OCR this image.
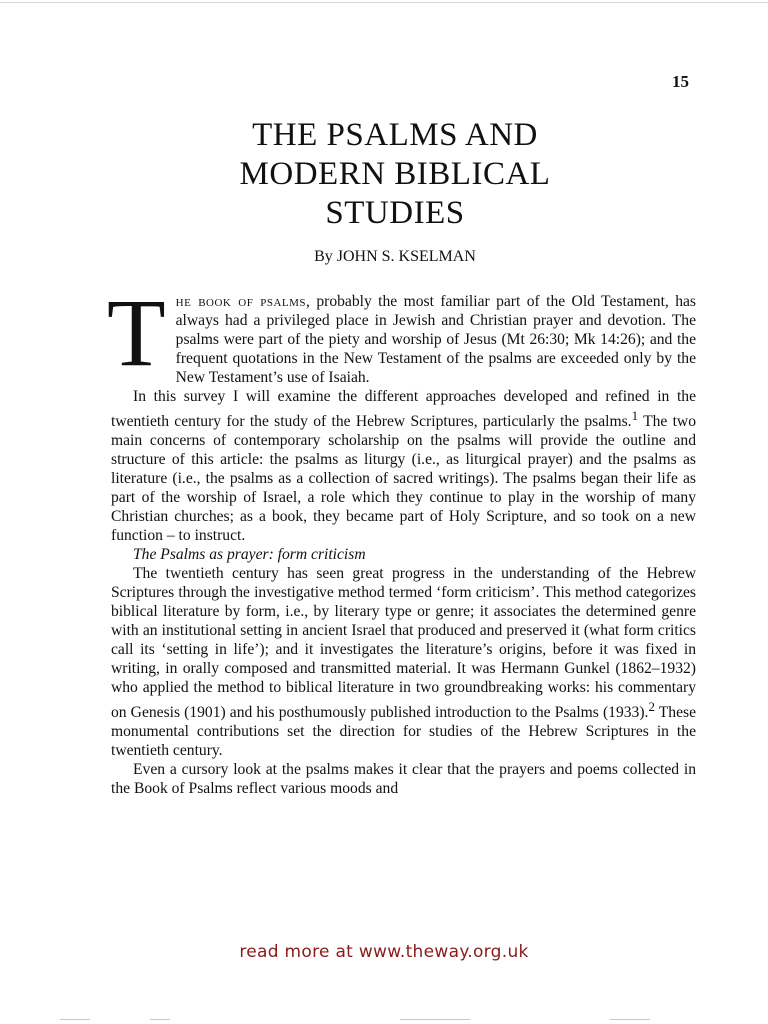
15
THE PSALMS AND
MODERN BIBLICAL
STUDIES
By JOHN S. KSELMAN

The book of psalms, probably the most familiar part of the Old Testament, has always had a privileged place in Jewish and Christian prayer and devotion. The psalms were part of the piety and worship of Jesus (Mt 26:30; Mk 14:26); and the frequent quotations in the New Testament of the psalms are exceeded only by the New Testament’s use of Isaiah.

In this survey I will examine the different approaches developed and refined in the twentieth century for the study of the Hebrew Scriptures, particularly the psalms.$^1$ The two main concerns of contemporary scholarship on the psalms will provide the outline and structure of this article: the psalms as liturgy (i.e., as liturgical prayer) and the psalms as literature (i.e., the psalms as a collection of sacred writings). The psalms began their life as part of the worship of Israel, a role which they continue to play in the worship of many Christian churches; as a book, they became part of Holy Scripture, and so took on a new function – to instruct.

The Psalms as prayer: form criticism

The twentieth century has seen great progress in the understanding of the Hebrew Scriptures through the investigative method termed ‘form criticism’. This method categorizes biblical literature by form, i.e., by literary type or genre; it associates the determined genre with an institutional setting in ancient Israel that produced and preserved it (what form critics call its ‘setting in life’); and it investigates the literature’s origins, before it was fixed in writing, in orally composed and transmitted material. It was Hermann Gunkel (1862–1932) who applied the method to biblical literature in two groundbreaking works: his commentary on Genesis (1901) and his posthumously published introduction to the Psalms (1933).$^2$ These monumental contributions set the direction for studies of the Hebrew Scriptures in the twentieth century.

Even a cursory look at the psalms makes it clear that the prayers and poems collected in the Book of Psalms reflect various moods and

read more at www.theway.org.uk
